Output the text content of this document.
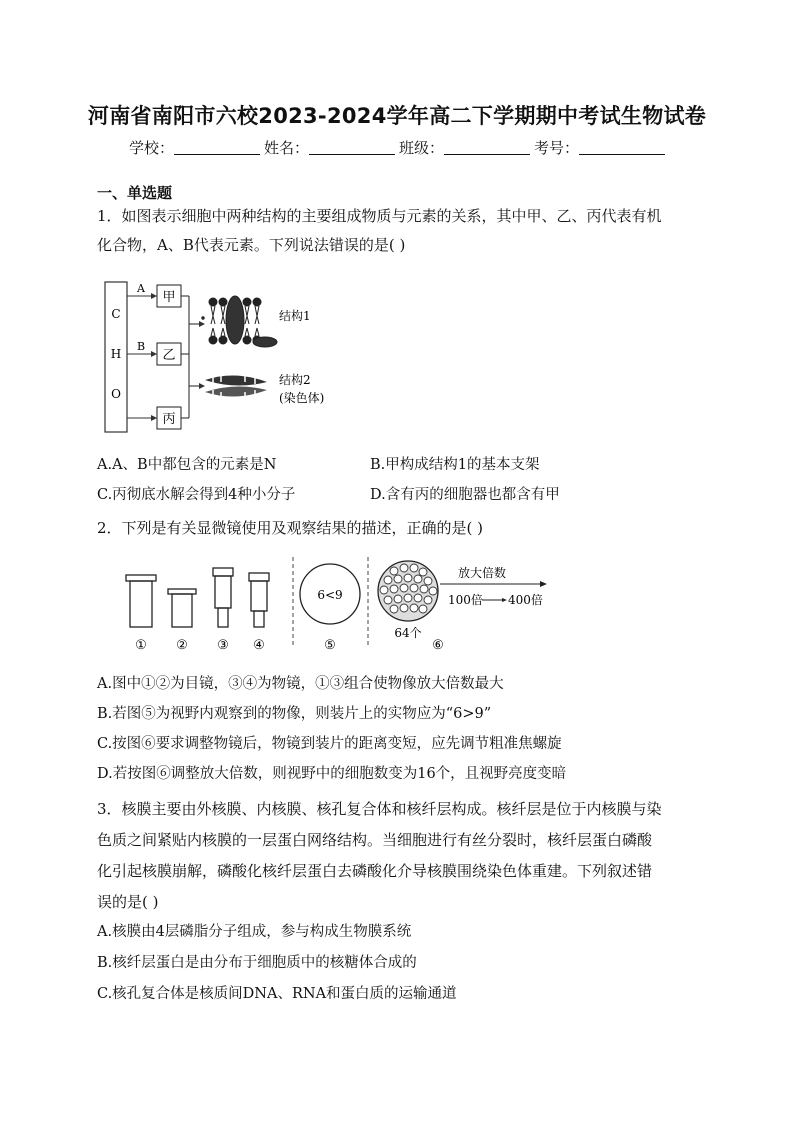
河南省南阳市六校2023-2024学年高二下学期期中考试生物试卷
学校：	姓名：	班级：	考号：
一、单选题
1．如图表示细胞中两种结构的主要组成物质与元素的关系，其中甲、乙、丙代表有机
化合物，A、B代表元素。下列说法错误的是( )
C
H
O
A
B
甲
乙
丙
结构1
结构2
(染色体)
A.A、B中都包含的元素是N	B.甲构成结构1的基本支架
C.丙彻底水解会得到4种小分子	D.含有丙的细胞器也都含有甲
2．下列是有关显微镜使用及观察结果的描述，正确的是( )
6<9
64个
放大倍数
100倍 400倍
① ② ③ ④	⑤	⑥
A.图中①②为目镜，③④为物镜，①③组合使物像放大倍数最大
B.若图⑤为视野内观察到的物像，则装片上的实物应为“6>9”
C.按图⑥要求调整物镜后，物镜到装片的距离变短，应先调节粗准焦螺旋
D.若按图⑥调整放大倍数，则视野中的细胞数变为16个，且视野亮度变暗
3．核膜主要由外核膜、内核膜、核孔复合体和核纤层构成。核纤层是位于内核膜与染
色质之间紧贴内核膜的一层蛋白网络结构。当细胞进行有丝分裂时，核纤层蛋白磷酸
化引起核膜崩解，磷酸化核纤层蛋白去磷酸化介导核膜围绕染色体重建。下列叙述错
误的是( )
A.核膜由4层磷脂分子组成，参与构成生物膜系统
B.核纤层蛋白是由分布于细胞质中的核糖体合成的
C.核孔复合体是核质间DNA、RNA和蛋白质的运输通道
